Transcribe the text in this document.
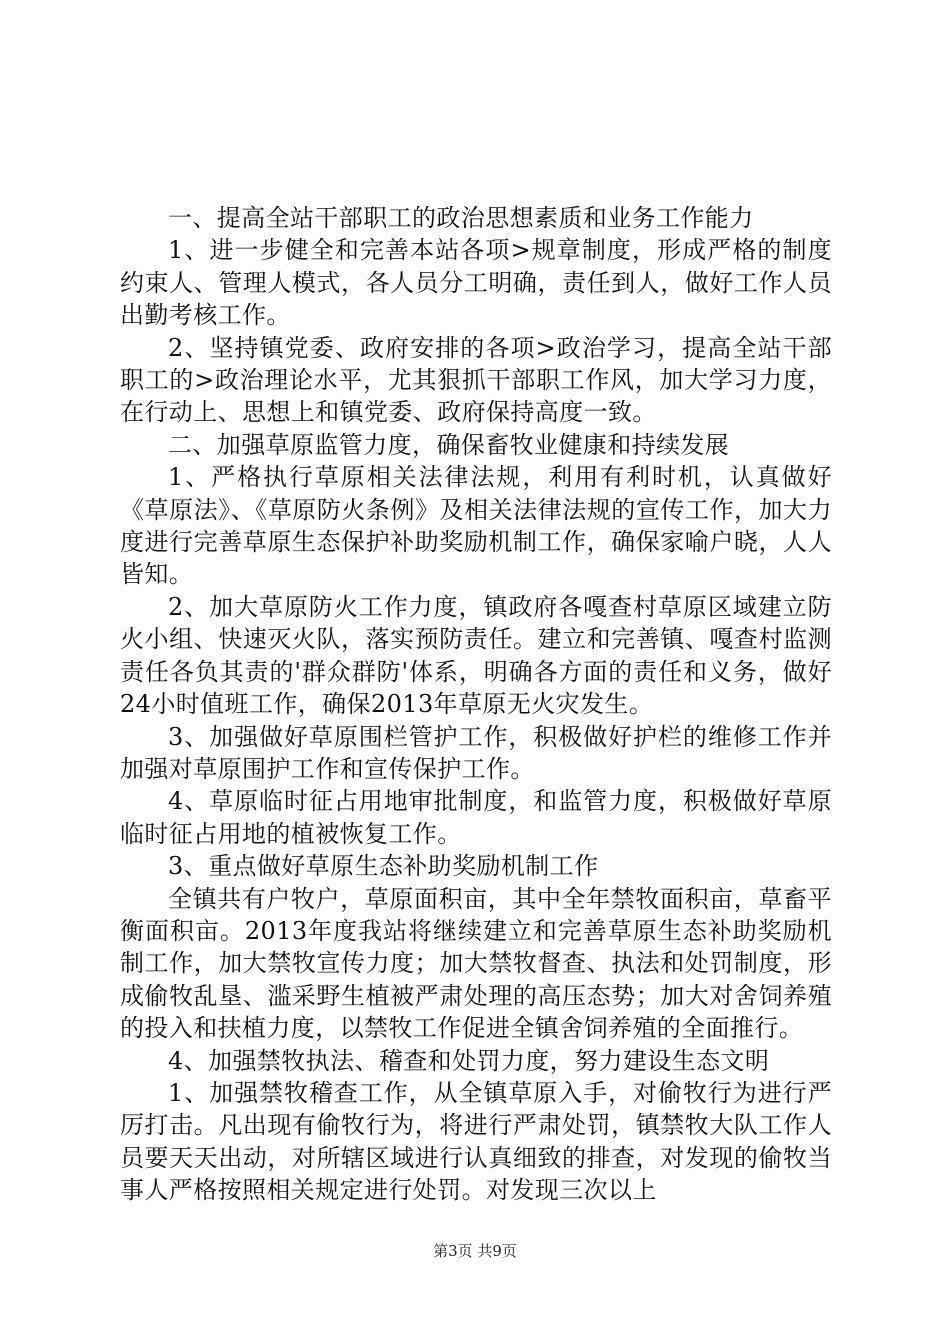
一、提高全站干部职工的政治思想素质和业务工作能力

1、进一步健全和完善本站各项>规章制度，形成严格的制度约束人、管理人模式，各人员分工明确，责任到人，做好工作人员出勤考核工作。

2、坚持镇党委、政府安排的各项>政治学习，提高全站干部职工的>政治理论水平，尤其狠抓干部职工作风，加大学习力度，在行动上、思想上和镇党委、政府保持高度一致。

二、加强草原监管力度，确保畜牧业健康和持续发展

1、严格执行草原相关法律法规，利用有利时机，认真做好《草原法》、《草原防火条例》及相关法律法规的宣传工作，加大力度进行完善草原生态保护补助奖励机制工作，确保家喻户晓，人人皆知。

2、加大草原防火工作力度，镇政府各嘎查村草原区域建立防火小组、快速灭火队，落实预防责任。建立和完善镇、嘎查村监测责任各负其责的'群众群防'体系，明确各方面的责任和义务，做好24小时值班工作，确保2013年草原无火灾发生。

3、加强做好草原围栏管护工作，积极做好护栏的维修工作并加强对草原围护工作和宣传保护工作。

4、草原临时征占用地审批制度，和监管力度，积极做好草原临时征占用地的植被恢复工作。

3、重点做好草原生态补助奖励机制工作

全镇共有户牧户，草原面积亩，其中全年禁牧面积亩，草畜平衡面积亩。2013年度我站将继续建立和完善草原生态补助奖励机制工作，加大禁牧宣传力度；加大禁牧督查、执法和处罚制度，形成偷牧乱垦、滥采野生植被严肃处理的高压态势；加大对舍饲养殖的投入和扶植力度，以禁牧工作促进全镇舍饲养殖的全面推行。

4、加强禁牧执法、稽查和处罚力度，努力建设生态文明

1、加强禁牧稽查工作，从全镇草原入手，对偷牧行为进行严厉打击。凡出现有偷牧行为，将进行严肃处罚，镇禁牧大队工作人员要天天出动，对所辖区域进行认真细致的排查，对发现的偷牧当事人严格按照相关规定进行处罚。对发现三次以上

第3页 共9页
